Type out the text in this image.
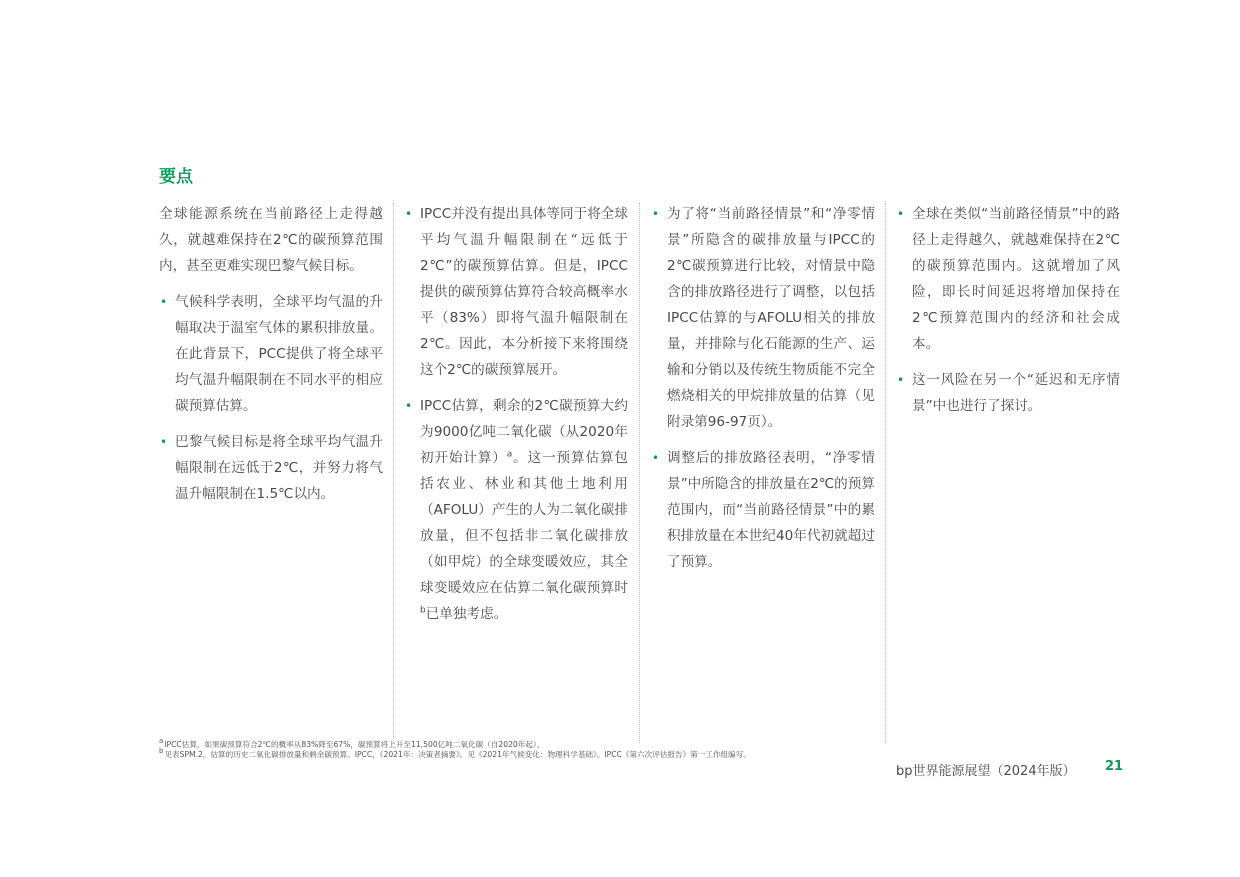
要点

全球能源系统在当前路径上走得越久，就越难保持在2℃的碳预算范围内，甚至更难实现巴黎气候目标。

• 气候科学表明，全球平均气温的升幅取决于温室气体的累积排放量。在此背景下，PCC提供了将全球平均气温升幅限制在不同水平的相应碳预算估算。
• 巴黎气候目标是将全球平均气温升幅限制在远低于2℃，并努力将气温升幅限制在1.5℃以内。
• IPCC并没有提出具体等同于将全球平均气温升幅限制在“远低于2℃”的碳预算估算。但是，IPCC提供的碳预算估算符合较高概率水平（83%）即将气温升幅限制在2℃。因此，本分析接下来将围绕这个2℃的碳预算展开。
• IPCC估算，剩余的2℃碳预算大约为9000亿吨二氧化碳（从2020年初开始计算）$^a$。这一预算估算包括农业、林业和其他土地利用（AFOLU）产生的人为二氧化碳排放量，但不包括非二氧化碳排放（如甲烷）的全球变暖效应，其全球变暖效应在估算二氧化碳预算时$^b$已单独考虑。
• 为了将“当前路径情景”和“净零情景”所隐含的碳排放量与IPCC的2℃碳预算进行比较，对情景中隐含的排放路径进行了调整，以包括IPCC估算的与AFOLU相关的排放量，并排除与化石能源的生产、运输和分销以及传统生物质能不完全燃烧相关的甲烷排放量的估算（见附录第96-97页）。
• 调整后的排放路径表明，“净零情景”中所隐含的排放量在2℃的预算范围内，而“当前路径情景”中的累积排放量在本世纪40年代初就超过了预算。
• 全球在类似“当前路径情景”中的路径上走得越久，就越难保持在2℃的碳预算范围内。这就增加了风险，即长时间延迟将增加保持在2℃预算范围内的经济和社会成本。
• 这一风险在另一个“延迟和无序情景”中也进行了探讨。
aIPCC估算，如果碳预算符合2℃的概率从83%降至67%，碳预算将上升至11,500亿吨二氧化碳（自2020年起）。
b见表SPM.2。估算的历史二氧化碳排放量和剩余碳预算。IPCC，《2021年：决策者摘要》。见《2021年气候变化：物理科学基础》。IPCC《第六次评估报告》第一工作组编写。
bp世界能源展望（2024年版） 21
